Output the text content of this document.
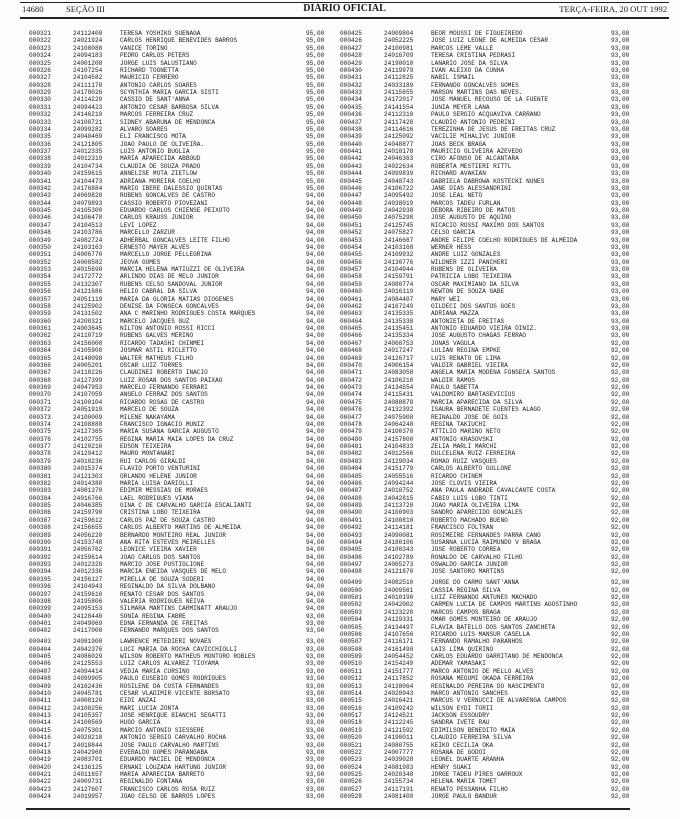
14680	SEÇÃO III	DIÁRIO OFICIAL	TERÇA-FEIRA, 20 OUT 1992
000321	24112400	TERESA YOSHIKO SUENAGA	95,00
000322	24021924	CARLOS HENRIQUE BENEVIDES BARROS	95,00
000323	24108088	VANICE TORINO	95,00
000324	24094183	PEDRO CARLOS PETERS	95,00
000325	24001208	JORGE LUIS SALUSTIANO	95,00
000326	24107254	RICHARD TOGNETTA	95,00
000327	24104582	MAURICIO FERRERO	95,00
000328	24111178	ANTONIO CARLOS SOARES	95,00
000329	24178026	SCYNTHIA MARIA GARCIA SISTI	95,00
000330	24114220	CASSIO DE SANT'ANNA	95,00
000331	24094423	ANTONIO CESAR BARBOSA SILVA	95,00
000332	24146210	MARCOS FERREIRA CRUZ	95,00
000333	24108721	SIDNEY ABARUNA DE MENDONCA	95,00
000334	24099282	ALVARO SOARES	95,00
000335	24040469	ELI FRANCISCO MOTA	95,00
000336	24121805	JOAO PAULO DE OLIVEIRA.	95,00
000337	24012335	LUIS ANTONIO BUGLIA	95,00
000338	24012319	MARIA APARECIDA ABBOUD	95,00
000339	24104734	CLAUDIA DE SOUZA PRADO	95,00
000340	24159615	ANNELISE MOTA ZIETLOW	95,00
000341	24104473	ADRIANA MOREIRA COELHO	95,00
000342	24176884	MARIO IBERE DALESSIO QUINTAS	95,00
000343	24069828	RUBENS GONCALVES DE CASTRO	94,00
000344	24079893	CASSIO ROBERTO PIOVEZANI	94,00
000345	24105300	EDUARDO CARLOS CHIENSE PEIXOTO	94,00
000346	24106478	CARLOS KRAUSS JUNIOR	94,00
000347	24104513	LEVI LOPEZ	94,00
000348	24103786	MARCELLO ZARZUR	94,00
000349	24082724	ADHERBAL GONCALVES LEITE FILHO	94,00
000350	24103163	ERNESTO MAYER ALVES	94,00
000351	24006770	MARCELLO JORGE PELLEGRINA	94,00
000352	24008582	JEOVA GOMES	94,00
000353	24015690	MARCIA HELENA MATIUZZI DE OLIVEIRA	94,00
000354	24172772	ARLINDO DIAS DE MELO JUNIOR	94,00
000355	24132307	RUBENS CELSO SANDOVAL JUNIOR	94,00
000356	24121686	HELIO CABRAL DA SILVA	94,00
000357	24051119	MARIA DA GLORIA MATIAS DIOGENES	94,00
000358	24125902	DENISE DA FONSECA GONCALVES	94,00
000359	24131502	ANA C MARINHO RODRIGUES COSTA MARQUES	94,00
000360	24200321	MARCELO JACQUES GUZ	94,00
000361	24003645	NILTON ANTONIO ROSSI RICCI	94,00
000362	24110719	RUBENS GALVES MERINO	94,00
000363	24156008	RICARDO TADASHI CHINMEI	94,00
000364	24105908	JOSMAR ASTIL RICLETTO	94,00
000365	24148098	WALTER MATHEUS FILHO	94,00
000366	24005201	OSCAR LUIZ TORRES	94,00
000367	24110226	CLAUDINEI ROBERTO INACIO	94,00
000368	24127399	LUIZ ROSAN DOS SANTOS PAIXAO	94,00
000369	24047953	MARCELO FERNANDO FERRARI	94,00
000370	24107059	ANGELO FERRAZ DOS SANTOS	94,00
000371	24100104	RICARDO ROSAS DE CASTRO	94,00
000372	24051919	MARCELO DE SOUZA	94,00
000373	24100009	MILENE NAKAYAMA	94,00
000374	24108888	FRANCISCO IGNACIO MUNIZ	94,00
000375	24127365	MARIA SUSANA GARCIA AUGUSTO	94,00
000376	24102755	REGINA MARIA MAIA LOPES DA CRUZ	94,00
000377	24120210	EDSON TEIXEIRA	94,00
000378	24129412	MAURO MONTANARI	94,00
000379	24010236	RUI CARLOS GIRALDI	94,00
000380	24015374	FLAVIO PORTO VENTURINI	94,00
000381	24121303	ORLANDO HELENE JUNIOR	94,00
000382	24014380	MARIA LUISA DARIOLLI	94,00
000383	24081370	EDIMIR MESSIAS DE MORAES	94,00
000384	24016766	LAEL RODRIGUES VIANA	94,00
000385	24046385	GINA C DE CARVALHO GARCIA ESCALIANTI	94,00
000386	24159790	CRISTINA LOBO TEIXEIRA	94,00
000387	24159612	CARLOS PAZ DE SOUZA CASTRO	94,00
000388	24156655	CARLOS ALBERTO MARTINS DE ALMEIDA	94,00
000389	24056220	BERNARDO MONTEIRO REAL JUNIOR	94,00
000390	24153748	ANA RITA ESTEVES MEIRELLES	94,00
000391	24056762	LEONICE VIEIRA XAVIER	94,00
000392	24159614	JOAO CARLOS DOS SANTOS	94,00
000393	24012328	MARCIO JOSE PUSTIGLIONE	94,00
000394	24012336	MARCIA ENEIDA VASQUES DE MELO	94,00
000395	24156127	MIRELLA DE SOUZA SODERI	94,00
000396	24104943	REGINALDO DA SILVA DOLBANO	94,00
000397	24159610	RENATO CESAR DOS SANTOS	94,00
000398	24195806	VALERIA RODRIGUES NEIVA	94,00
000399	24095153	SILMARA MARTINS CARMINATT ARAUJO	94,00
000400	24128440	SONIA REGINA FABRE	93,00
000401	24049069	EDNA FERNANDA DE FREITAS	93,00
000402	24117008	FERNANDO MARQUES DOS SANTOS	93,00
000403	24081900	LAWRENCE METEDIERI NOVAES	93,00
000404	24042376	LUCI MARIA DA ROCHA CAVICCHIOLLI	93,00
000405	24086029	WILSON ROBERTO MATHEUS MONTORO ROBLES	93,00
000406	24125553	LUIZ CARLOS ALVAREZ TIOYAMA	93,00
000407	24094414	VEDJA MARIA CURSINO	93,00
000408	24099905	PAULO EUSEBIO GOMES RODRIGUES	93,00
000409	24162436	ROSILENE DA COSTA FERNANDES	93,00
000410	24045781	CESAR VLADIMIR VICENTE BORSATO	93,00
000411	24008120	EIDI ANZAI	93,00
000412	24100256	MARI LUCIA ZONTA	93,00
000413	24105357	JOSE HENRIQUE BIANCHI SEGATTI	93,00
000414	24100569	HUGO GARCIA	93,00
000415	24075301	MARCIO ANTONIO SIESSERE	93,00
000416	24020218	ANTONIO SERGIO CARVALHO ROCHA	93,00
000417	24018844	JOSE PAULO CARVALHO MARTINS	93,00
000418	24042960	EVERALDO GOMES PARANGABA	93,00
000419	24083701	EDUARDO MACIEL DE MENDONCA	93,00
000420	24136125	ERNANI LOUZADA HARTUNG JUNIOR	93,00
000421	24011657	MARIA APARECIDA BARRETO	93,00
000422	24009731	REGINALDO FONTANA	93,00
000423	24127607	FRANCISCO CARLOS ROSA RUIZ	93,00
000424	24019957	JOAO CELSO DE BARROS LOPES	93,00
000425	24009804	BEOR MOUSSI DE FIGUEIREDO	93,00
000426	24052225	JOSE LUIZ LEONE DE ALMEIDA CESAR	93,00
000427	24100981	MARCOS LEME VALLE	93,00
000428	24016709	TERESA CRISTINA PEDRASI	93,00
000429	24190010	LANARIO JOSE DA SILVA	93,00
000430	24119979	IVAN ALEIXO DA CUNHA	93,00
000431	24112825	NABIL ISMAIL	93,00
000432	24033189	FERNANDO GONCALVES GOMES	93,00
000433	24115655	MARSON MARTINS DAS NEVES.	93,00
000434	24172017	JOSE MANUEL RECOUSO DE LA FUENTE	93,00
000435	24141554	JUNIA MEYER LANA	93,00
000436	24112310	PAULO SERGIO ACQUAVIVA CARRANO	93,00
000437	24117428	CLAUDIO ANTONIO PEDRINI	93,00
000438	24114616	TEREZINHA DE JESUS DE FREITAS CRUZ	93,00
000439	24125092	VACILIE MIHALIVC JUNIOR	93,00
000440	24048877	JOAS BECK BRAGA	93,00
000441	24010178	MAURICIO OLIVEIRA AZEVEDO	93,00
000442	24046363	CIRO AFONSO DE ALCANTARA	93,00
000443	24022634	ROBERTA MESTIERI RITTL	93,00
000444	24099839	RICHARD AVAKIAN	93,00
000445	24048743	GABRIELA DABROWA KOSTECKI NUNES	93,00
000446	24106722	JANE DIAS ALESSANDRINI	93,00
000447	24095492	JOSE LEAL NETO	93,00
000448	24038019	MARCOS TADEU FURLAN	93,00
000449	24042938	DEBORA RIBEIRO DE MATOS	93,00
000450	24075298	JOSE AUGUSTO DE AQUINO	93,00
000451	24125745	NICACIO ROSSI MAXIMO DOS SANTOS	93,00
000452	24075827	CELSO GARCIA	93,00
000453	24146667	ANDRE FELIPE COELHO RODRIGUES DE ALMEIDA	93,00
000454	24103168	WERNER HESS	93,00
000455	24109932	ANDRE LUIZ GONZALES	93,00
000456	24130776	WILDNER IZZI PANCHERI	93,00
000457	24104944	RUBENS DE OLIVEIRA	93,00
000458	24159791	PATRICIA LOBO TEIXEIRA	93,00
000459	24080774	OSCAR MAXIMIANO DA SILVA	93,00
000460	24016119	NEWTON DE SOUZA GABE	93,00
000461	24084407	MARY WEI	93,00
000462	24167249	GILDECI DOS SANTOS GOES	93,00
000463	24135335	ADRIANA MAZZA	93,00
000464	24135338	ANTONIETA DE FREITAS	93,00
000465	24135451	ANTONIO EDUARDO VIEIRA DINIZ.	93,00
000466	24135334	JOSE AUGUSTO CHAGAS FERRAO	93,00
000467	24068753	JONAS VAGULA	92,00
000468	24017247	LULIAN REGINA EMPKE	92,00
000469	24126717	LUIS RENATO DE LIMA	92,00
000470	24006154	VALDIR GABRIEL VIEIRA	92,00
000471	24083058	ANGELA MARIA MODENA FONSECA SANTOS	92,00
000472	24106210	WALDIR RAMOS	92,00
000473	24134554	PAULO SABETTA	92,00
000474	24115431	VALDOMIRO BARTASEVICIUS	92,00
000475	24088878	MARCIA APARECIDA DA SILVA	92,00
000476	24132392	ISAURA BERNADETE FUENTES ALAGO	92,00
000477	24075908	REINALDO JOSE DE GOIS	92,00
000478	24064248	REGINA TAKIUCHI	92,00
000479	24100378	ATTILIO MARINO NETO	92,00
000480	24157800	ANTONIO KRASOVSKI	92,00
000481	24104833	ZELIA MARLI MARCHI	92,00
000482	24012566	DULCELENA RUIZ FERREIRA	92,00
000483	24129034	ROMAO RUIZ VASQUES	92,00
000484	24151779	CARLOS ALBERTO GULLONE	92,00
000485	24055516	RICARDO CHINEM	92,00
000486	24094244	JOSE CLOVIS VIEIRA	92,00
000487	24010752	ANA PAULA ANDRADE CAVALCANTE COSTA	92,00
000488	24042815	FABIO LUIS LOBO TINTI	92,00
000489	24113720	JOAO MARIA OLIVEIRA LIMA	92,00
000490	24100903	SANDRO APARECIDO GONCALES	92,00
000491	24100810	ROBERTO MACHADO BUENO	92,00
000492	24114181	FRANCISCO FOLTRAN	92,00
000493	24090081	ROSIMEIRE FERNANDES PARRA CANO	92,00
000494	24180106	SUSANNA LUCIA RAIMUNDO V BRAGA	92,00
000495	24100343	JOSE ROBERTO CORREA	92,00
000496	24102789	RONALDO DE CARVALHO FILHO	92,00
000497	24065273	OSWALDO GARCIA JUNIOR	92,00
000498	24121870	JOSE SANTORO MARTINS	92,00
000499	24082510	JORGE DO CARMO SANT'ANNA	92,00
000500	24009561	CASSIA REGINA SILVA	92,00
000501	24010190	LUIZ FERNANDO ANTUNES MACHADO	92,00
000502	24042002	CARMEN LUCIA DE CAMPOS MARTINS AGOSTINHO	92,00
000503	24123220	MARCOS CAMPOS BRAGA	92,00
000504	24129331	OMAR GOMES MONTEIRO DE ARAUJO	92,00
000505	24134497	FLAVIA BATELLO DOS SANTOS ZANCHETA	92,00
000506	24107656	RICARDO LUIS MANSUR CASELLA	92,00
000507	24116171	FERNANDO RAMALHO PARANHOS	92,00
000508	24161490	LAIS LIMA QUIRINO	92,00
000509	24054452	CARLOS EDUARDO GARRITANO DE MENDONCA	92,00
000510	24154249	ADEMAR YAMASAKI	92,00
000511	24151777	MARCO ANTONIO DE MELLO ALVES	92,00
000512	24117852	ROSANA MEGUMI OKADA FERREIRA	92,00
000513	24138064	REGINALDO PEREIRA DO NASCIMENTO	92,00
000514	24020943	MARCO ANTONIO SANCHES	92,00
000515	24016421	MARCUS V VERNUCCI DE ALVARENGA CAMPOS	92,00
000516	24109242	WILSON EYDI TORII	92,00
000517	24124521	JACKSON ESSOUDRY	92,00
000518	24112245	SANDRA IVETE RAU	92,00
000519	24121592	EDIMILSON BENEDITO MAIA	92,00
000520	24190011	CLAUDIO FERREIRA SILVA	92,00
000521	24080755	KEIKO CECILIA OKA	92,00
000522	24007777	ROSANA DE GODOI	92,00
000523	24039028	LEONEL DUARTE ARANHA	92,00
000524	24081983	HENRY SUAKI	92,00
000525	24020348	JORGE TADEU PIRES GARROUX	92,00
000526	24155734	HELENA MARIA TOMET	92,00
000527	24117191	RENATO PESSANHA FILHO	92,00
000528	24081400	JORGE PAULO BANDUR	92,00
